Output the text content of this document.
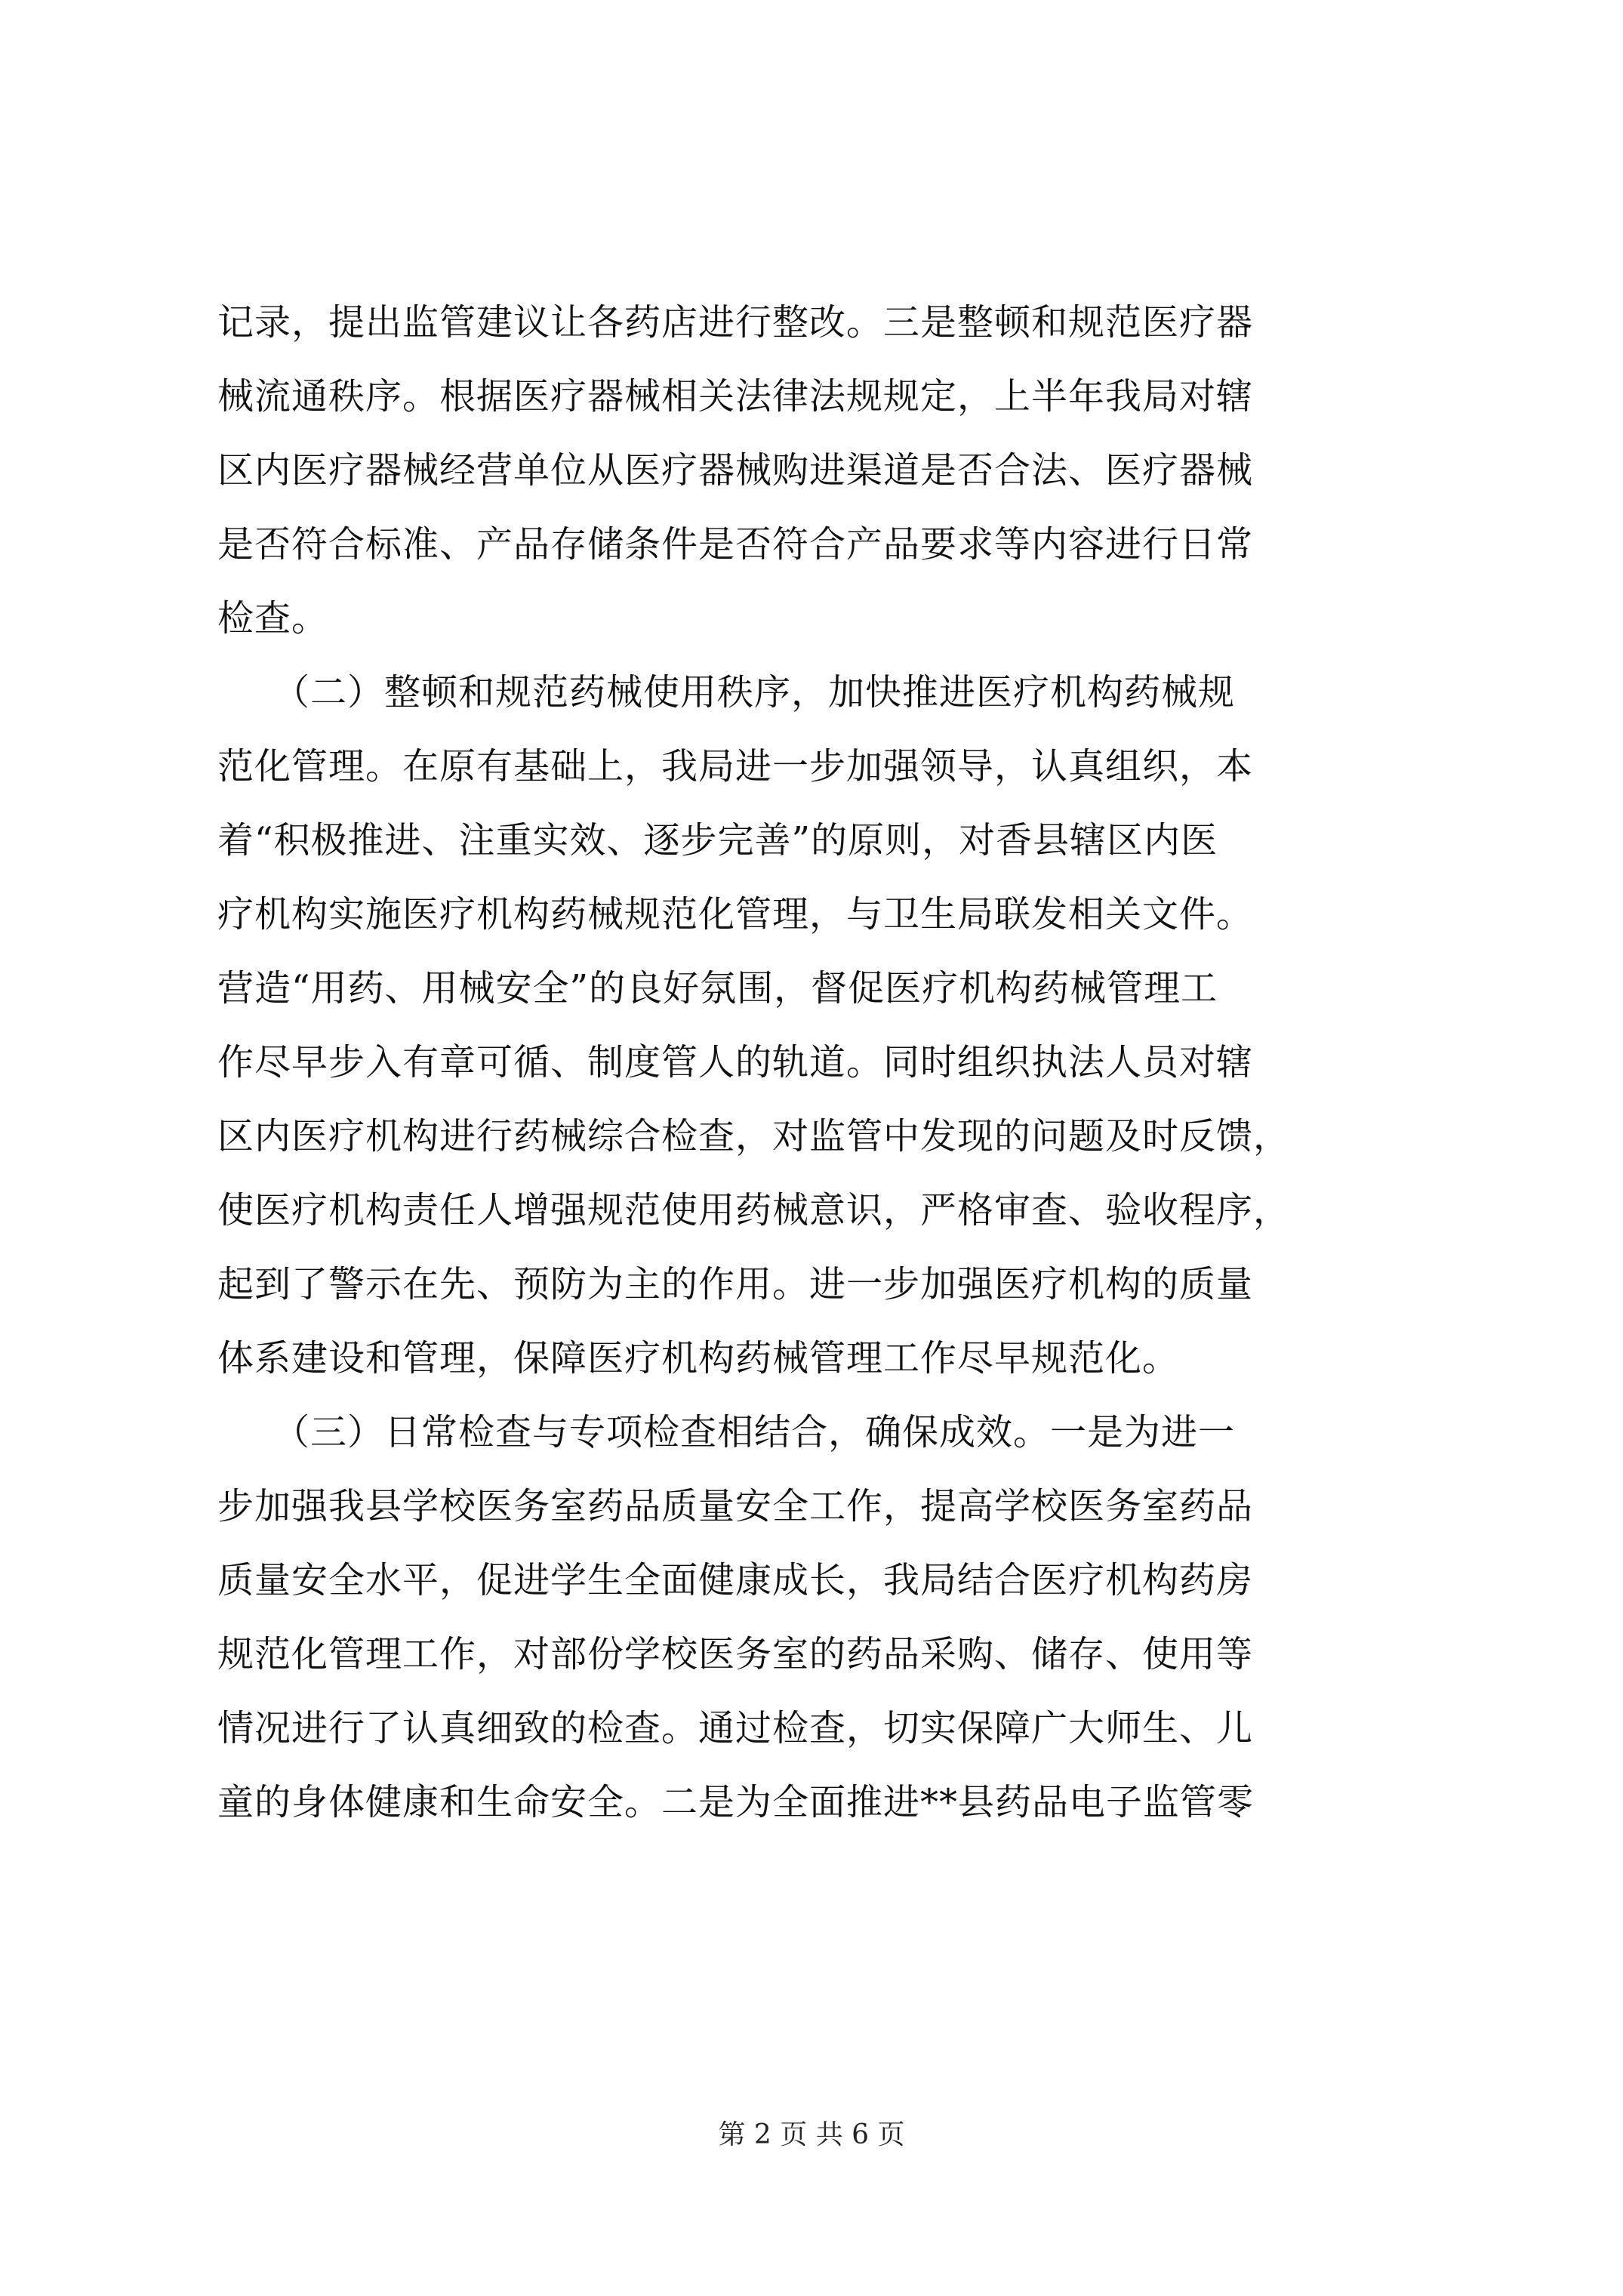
记录，提出监管建议让各药店进行整改。三是整顿和规范医疗器
械流通秩序。根据医疗器械相关法律法规规定，上半年我局对辖
区内医疗器械经营单位从医疗器械购进渠道是否合法、医疗器械
是否符合标准、产品存储条件是否符合产品要求等内容进行日常
检查。
　　（二）整顿和规范药械使用秩序，加快推进医疗机构药械规
范化管理。在原有基础上，我局进一步加强领导，认真组织，本
着“积极推进、注重实效、逐步完善”的原则，对香县辖区内医
疗机构实施医疗机构药械规范化管理，与卫生局联发相关文件。
营造“用药、用械安全”的良好氛围，督促医疗机构药械管理工
作尽早步入有章可循、制度管人的轨道。同时组织执法人员对辖
区内医疗机构进行药械综合检查，对监管中发现的问题及时反馈，
使医疗机构责任人增强规范使用药械意识，严格审查、验收程序，
起到了警示在先、预防为主的作用。进一步加强医疗机构的质量
体系建设和管理，保障医疗机构药械管理工作尽早规范化。
　　（三）日常检查与专项检查相结合，确保成效。一是为进一
步加强我县学校医务室药品质量安全工作，提高学校医务室药品
质量安全水平，促进学生全面健康成长，我局结合医疗机构药房
规范化管理工作，对部份学校医务室的药品采购、储存、使用等
情况进行了认真细致的检查。通过检查，切实保障广大师生、儿
童的身体健康和生命安全。二是为全面推进**县药品电子监管零
第 2 页 共 6 页
